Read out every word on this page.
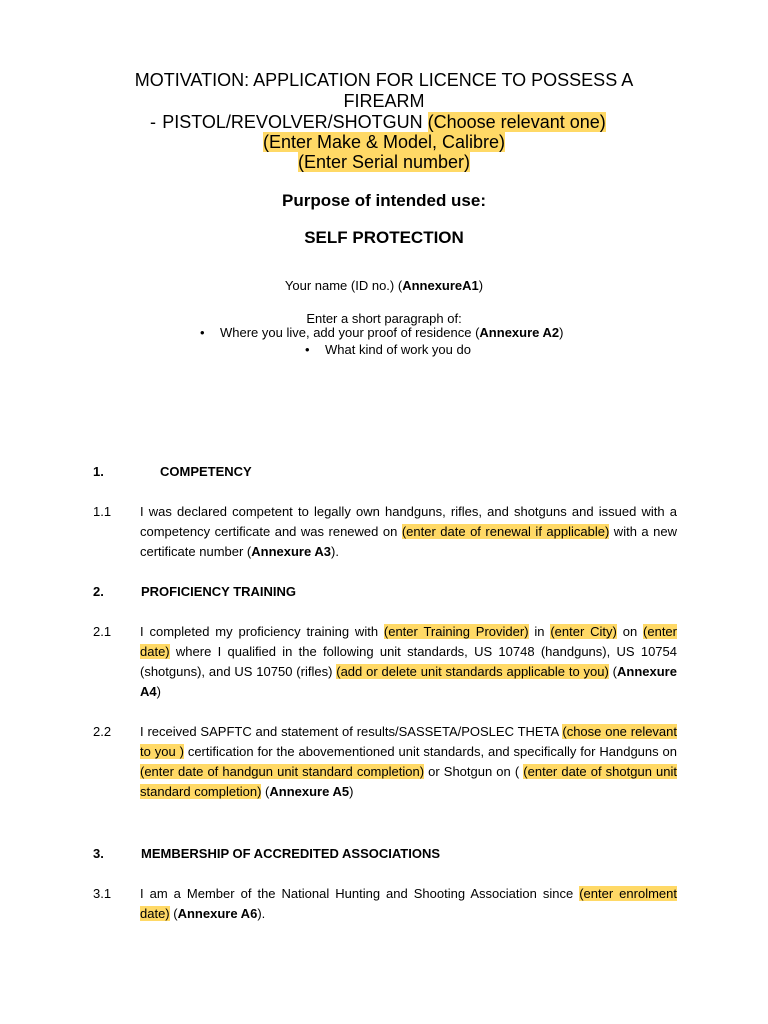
MOTIVATION: APPLICATION FOR LICENCE TO POSSESS A
FIREARM
- PISTOL/REVOLVER/SHOTGUN (Choose relevant one)
(Enter Make & Model, Calibre)
(Enter Serial number)
Purpose of intended use:
SELF PROTECTION
Your name (ID no.) (AnnexureA1)
Enter a short paragraph of:
• Where you live, add your proof of residence (Annexure A2)
• What kind of work you do
1.	COMPETENCY
1.1 I was declared competent to legally own handguns, rifles, and shotguns and issued with a competency certificate and was renewed on (enter date of renewal if applicable) with a new certificate number (Annexure A3).
2.	PROFICIENCY TRAINING
2.1 I completed my proficiency training with (enter Training Provider) in (enter City) on (enter date) where I qualified in the following unit standards, US 10748 (handguns), US 10754 (shotguns), and US 10750 (rifles) (add or delete unit standards applicable to you) (Annexure A4)
2.2 I received SAPFTC and statement of results/SASSETA/POSLEC THETA (chose one relevant to you ) certification for the abovementioned unit standards, and specifically for Handguns on (enter date of handgun unit standard completion) or Shotgun on ( (enter date of shotgun unit standard completion) (Annexure A5)
3.	MEMBERSHIP OF ACCREDITED ASSOCIATIONS
3.1 I am a Member of the National Hunting and Shooting Association since (enter enrolment date) (Annexure A6).
